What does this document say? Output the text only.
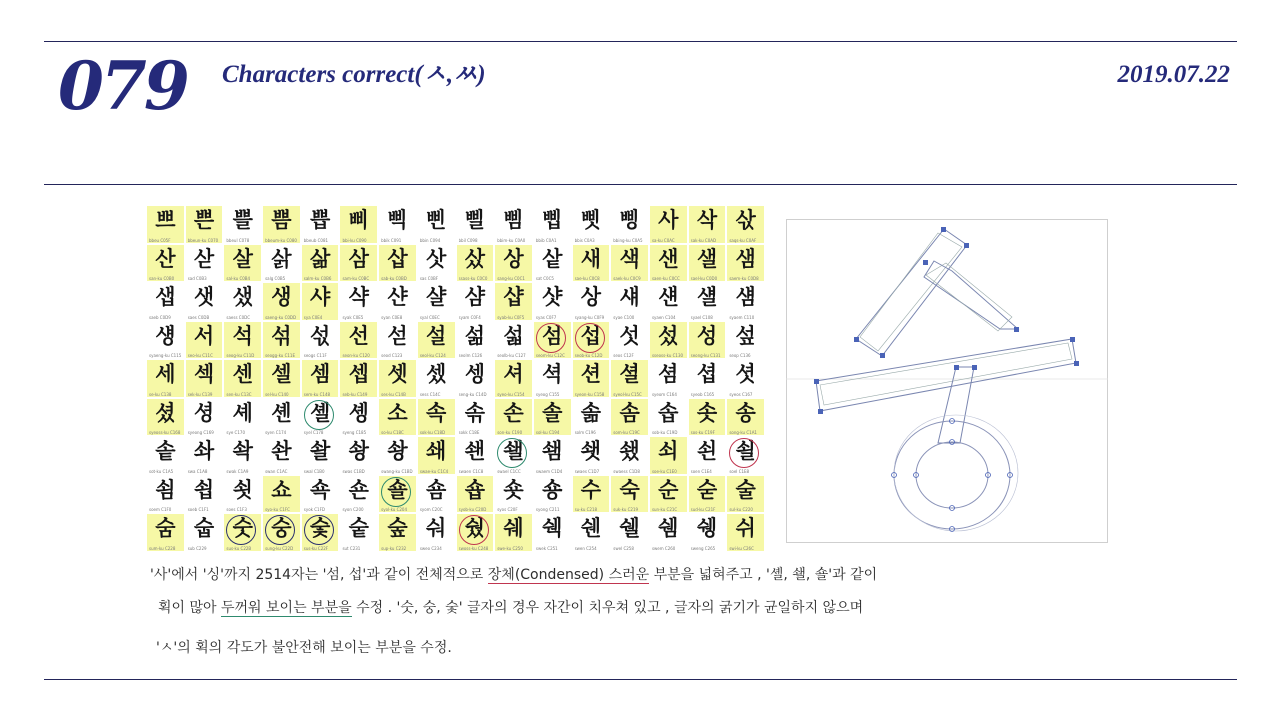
079 Characters correct(ㅅ,ㅆ)	2019.07.22
쁘
bbeu C05F
쁜
bbeun-ku C070
쁠
bbeul C078
쁨
bbeum-ku C080
쁩
bbeub C081
삐
bbi-ku C090
삑
bbik C091
삔
bbin C094
삘
bbil C098
삠
bbim-ku C0A0
삡
bbib C0A1
삣
bbis C0A3
삥
bbing-ku C0A5
사
sa-ku C0AC
삭
sak-ku C0AD
삯
saqs-ku C0AF
산
san-ku C0B0
삳
sad C0B3
살
sal-ku C0B4
삵
salg C0B5
삶
salm-ku C0B6
삼
sam-ku C0BC
삽
sab-ku C0BD
삿
sas C0BF
샀
ssass-ku C0C0
상
sang-ku C0C1
샅
sat C0C5
새
sae-ku C0C8
색
saek-ku C0C9
샌
saen-ku C0CC
샐
sael-ku C0D0
샘
saem-ku C0D8
샙
saeb C0D9
샛
saes C0DB
샜
saess C0DC
생
saeng-ku C0DD
샤
sya C0E4
샥
syak C0E5
샨
syan C0E8
샬
syal C0EC
샴
syam C0F4
샵
syab-ku C0F5
샷
syas C0F7
상
syang-ku C0F9
섀
syae C100
섄
syaen C104
섈
syael C108
섐
syaem C110
섕
syaeng-ku C115
서
seo-ku C11C
석
seog-ku C11D
섞
seogg-ku C11E
섟
seogs C11F
선
seon-ku C120
섣
seod C123
설
seol-ku C124
섦
seolm C126
섧
seolb-ku C127
섬
seom-ku C12C
섭
seob-ku C12D
섯
seos C12F
섰
sseoss-ku C130
성
seong-ku C131
섶
seop C136
세
se-ku C138
섹
sek-ku C139
센
sen-ku C13C
셀
sel-ku C140
셈
sem-ku C148
셉
seb-ku C149
셋
ses-ku C14B
셌
sess C14C
셍
seng-ku C14D
셔
syeo-ku C154
셕
syeog C155
션
syeon-ku C158
셜
syeol-ku C15C
셤
syeom C164
셥
syeob C165
셧
syeos C167
셨
syeoss-ku C168
셩
syeong C169
셰
sye C170
셴
syen C174
셸
syel C178
솅
syeng C185
소
so-ku C18C
속
sok-ku C18D
솎
sokk C18E
손
son-ku C190
솔
sol-ku C194
솖
solm C196
솜
som-ku C19C
솝
sob-ku C19D
솟
sos-ku C19F
송
song-ku C1A1
솥
sot-ku C1A5
솨
swa C1A8
솩
swak C1A9
솬
swan C1AC
솰
swal C1B0
솽
swas C1BD
솽
swang-ku C1BD
쇄
swae-ku C1C4
쇈
swaen C1C8
쇌
swael C1CC
쇔
swaem C1D4
쇗
swaes C1D7
쇘
swaess C1D8
쇠
soe-ku C1E0
쇤
soen C1E4
쇨
soel C1E8
쇰
soem C1F0
쇱
soeb C1F1
쇳
soes C1F3
쇼
syo-ku C1FC
쇽
syok C1FD
숀
syon C200
숄
syol-ku C204
숌
syom C20C
숍
syob-ku C20D
숏
syos C20F
숑
syong C211
수
su-ku C218
숙
suk-ku C219
순
sun-ku C21C
숟
sud-ku C21F
술
sul-ku C220
숨
sum-ku C228
숩
sub C229
숫
sus-ku C22B
숭
sung-ku C22D
숯
sus-ku C22F
숱
sut C231
숲
sup-ku C232
숴
sweo C234
쉈
swoss-ku C248
쉐
swe-ku C250
쉑
swek C251
쉔
swen C254
쉘
swel C258
쉠
swem C260
쉥
sweng C265
쉬
swi-ku C26C
'사'에서 '싱'까지 2514자는 '섬, 섭'과 같이 전체적으로 장체(Condensed) 스러운 부분을 넓혀주고 , '셸, 쇌, 숄'과 같이
획이 많아 두꺼워 보이는 부분을 수정 . '숫, 숭, 숯' 글자의 경우 자간이 치우쳐 있고 , 글자의 굵기가 균일하지 않으며
'ㅅ'의 획의 각도가 불안전해 보이는 부분을 수정.
